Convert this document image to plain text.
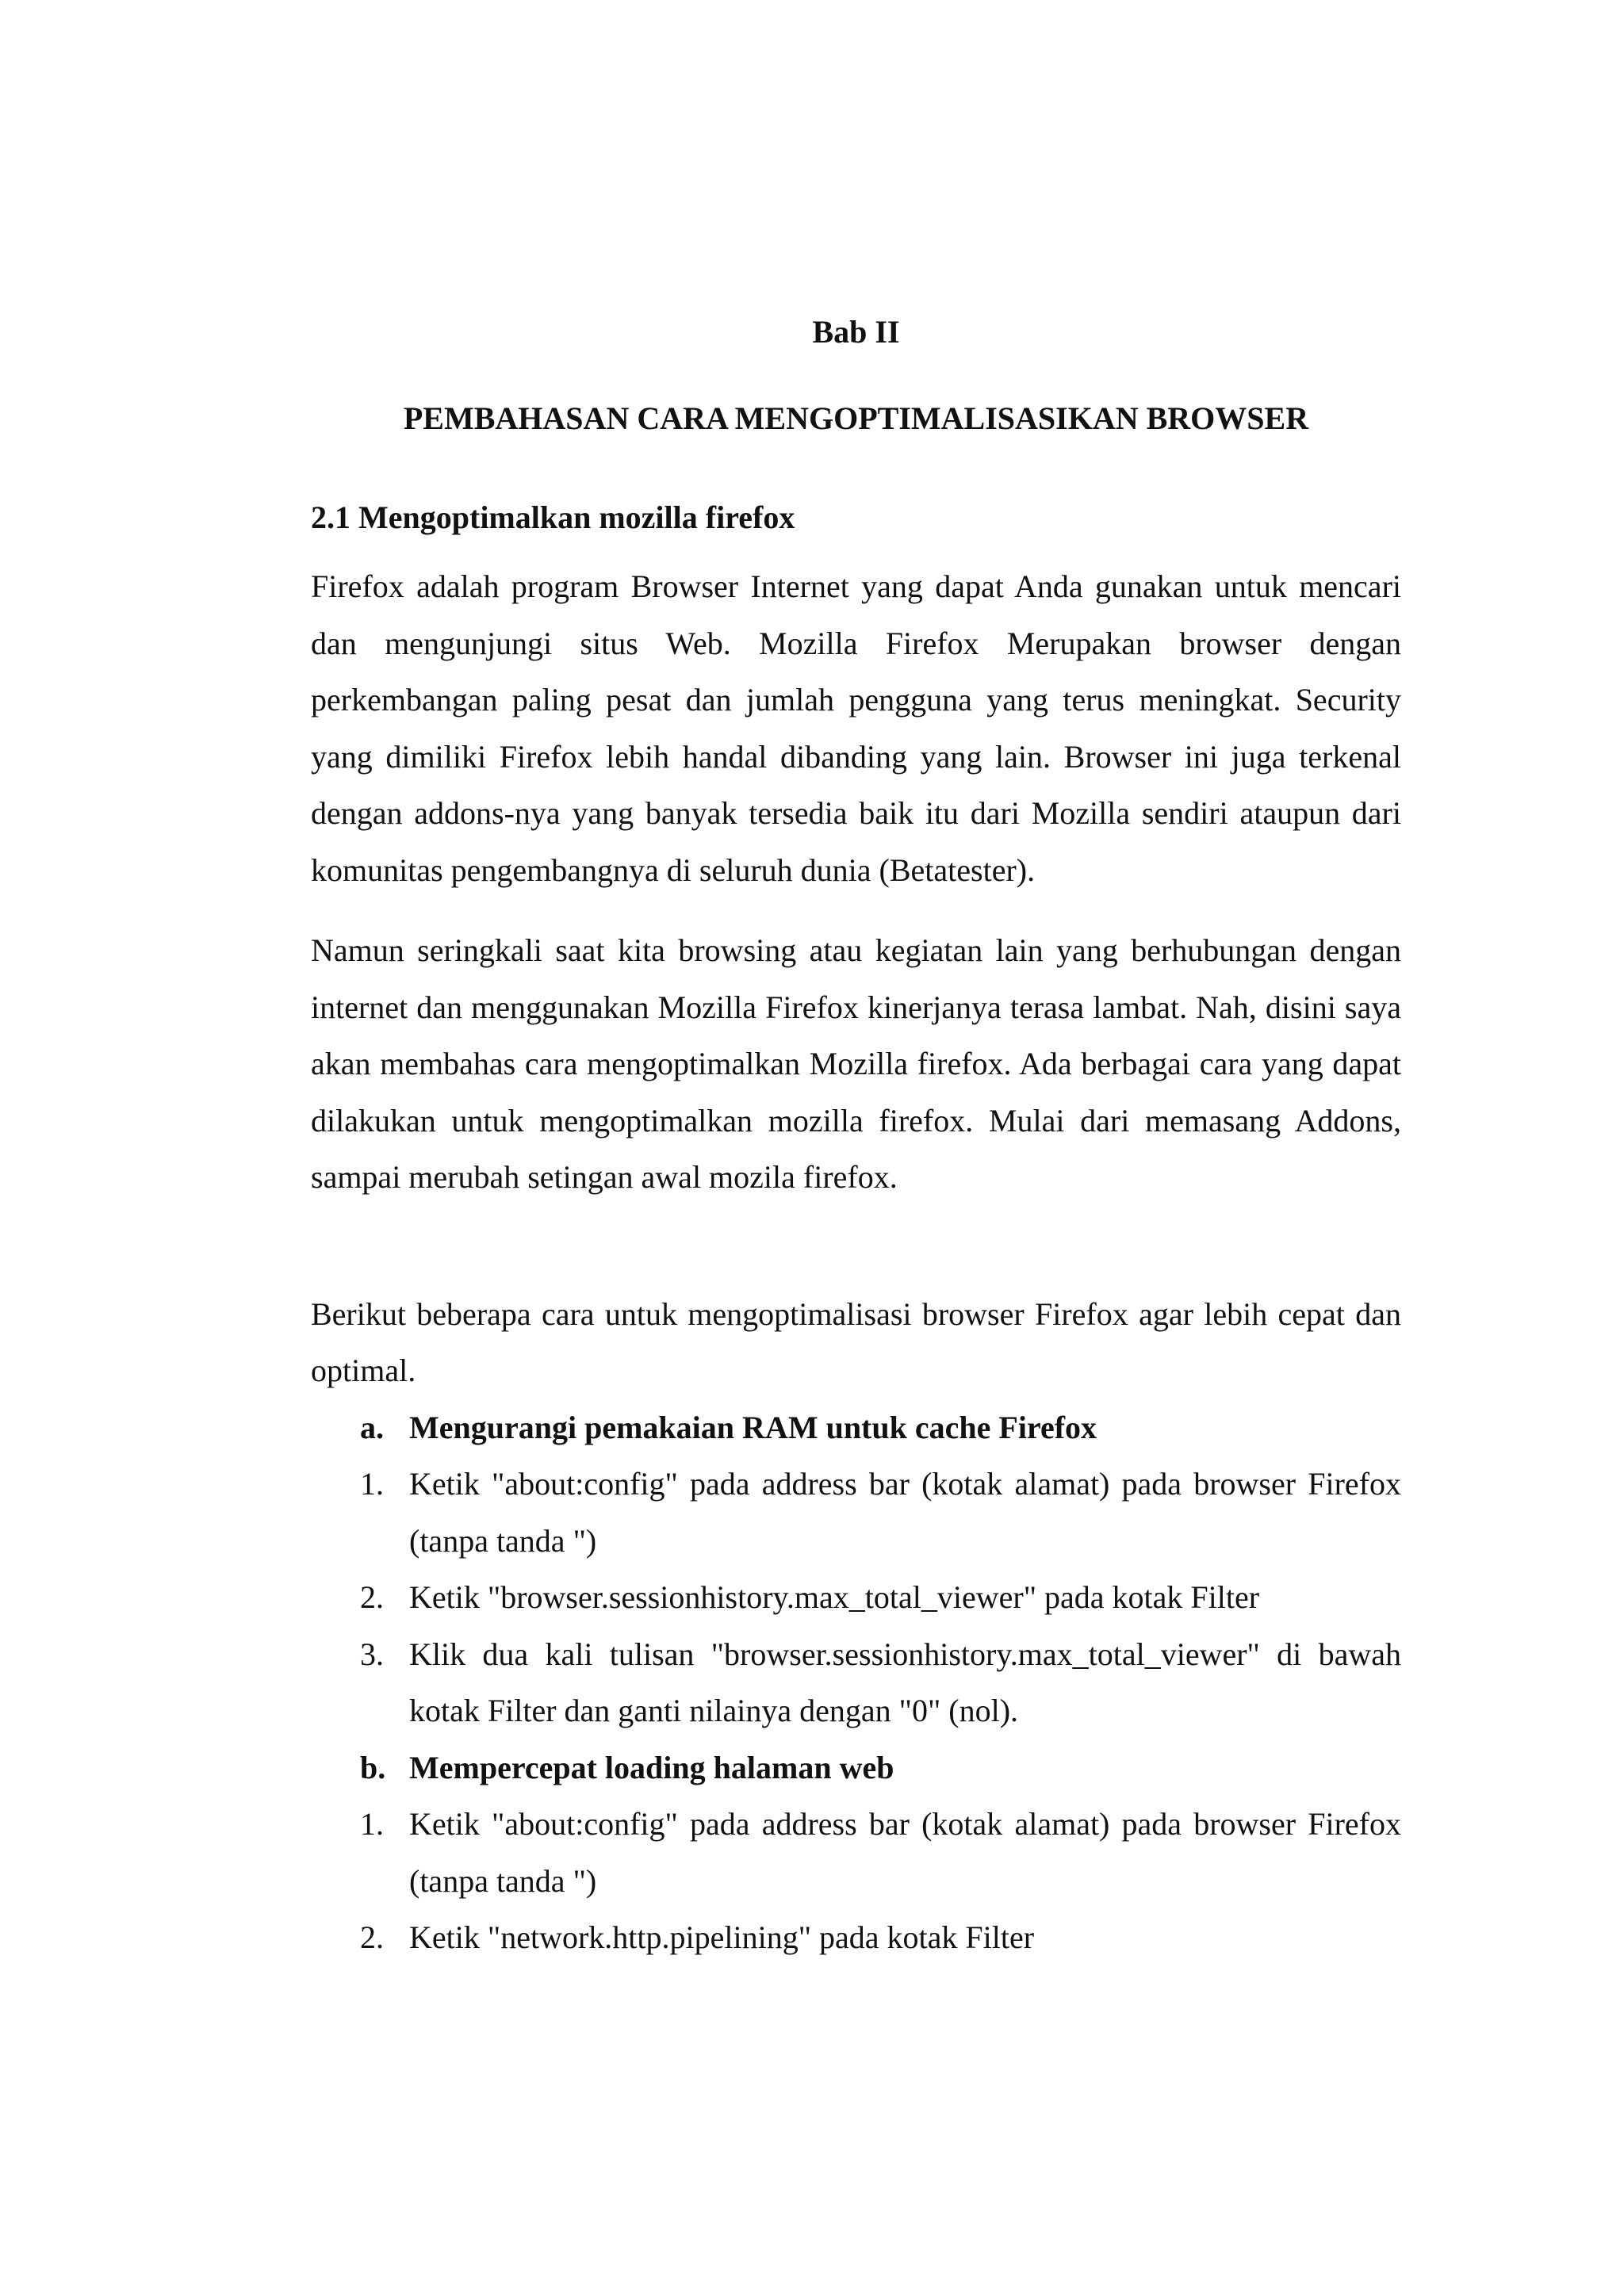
Bab II

PEMBAHASAN CARA MENGOPTIMALISASIKAN BROWSER

2.1 Mengoptimalkan mozilla firefox

Firefox adalah program Browser Internet yang dapat Anda gunakan untuk mencari dan mengunjungi situs Web. Mozilla Firefox Merupakan browser dengan perkembangan paling pesat dan jumlah pengguna yang terus meningkat. Security yang dimiliki Firefox lebih handal dibanding yang lain. Browser ini juga terkenal dengan addons-nya yang banyak tersedia baik itu dari Mozilla sendiri ataupun dari komunitas pengembangnya di seluruh dunia (Betatester).

Namun seringkali saat kita browsing atau kegiatan lain yang berhubungan dengan internet dan menggunakan Mozilla Firefox kinerjanya terasa lambat. Nah, disini saya akan membahas cara mengoptimalkan Mozilla firefox. Ada berbagai cara yang dapat dilakukan untuk mengoptimalkan mozilla firefox. Mulai dari memasang Addons, sampai merubah setingan awal mozila firefox.

Berikut beberapa cara untuk mengoptimalisasi browser Firefox agar lebih cepat dan optimal.

a. Mengurangi pemakaian RAM untuk cache Firefox
1. Ketik "about:config" pada address bar (kotak alamat) pada browser Firefox (tanpa tanda ")
2. Ketik "browser.sessionhistory.max_total_viewer" pada kotak Filter
3. Klik dua kali tulisan "browser.sessionhistory.max_total_viewer" di bawah kotak Filter dan ganti nilainya dengan "0" (nol).
b. Mempercepat loading halaman web
1. Ketik "about:config" pada address bar (kotak alamat) pada browser Firefox (tanpa tanda ")
2. Ketik "network.http.pipelining" pada kotak Filter
